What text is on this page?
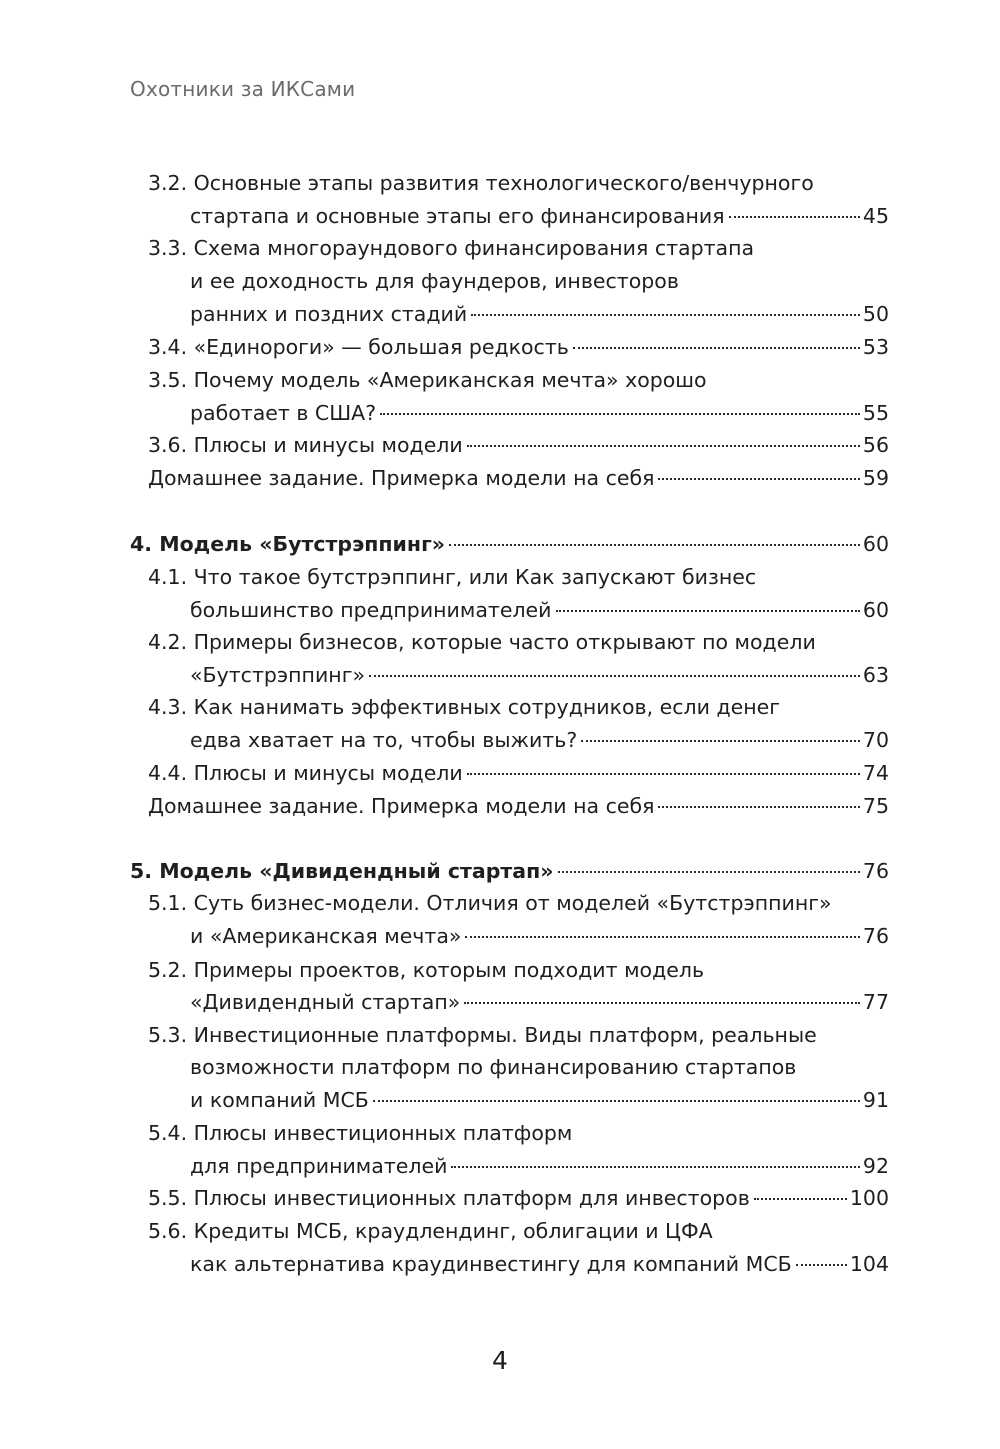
Охотники за ИКСами
3.2. Основные этапы развития технологического/венчурного
стартапа и основные этапы его финансирования	45
3.3. Схема многораундового финансирования стартапа
и ее доходность для фаундеров, инвесторов
ранних и поздних стадий	50
3.4. «Единороги» — большая редкость	53
3.5. Почему модель «Американская мечта» хорошо
работает в США?	55
3.6. Плюсы и минусы модели	56
Домашнее задание. Примерка модели на себя	59
4. Модель «Бутстрэппинг»	60
4.1. Что такое бутстрэппинг, или Как запускают бизнес
большинство предпринимателей	60
4.2. Примеры бизнесов, которые часто открывают по модели
«Бутстрэппинг»	63
4.3. Как нанимать эффективных сотрудников, если денег
едва хватает на то, чтобы выжить?	70
4.4. Плюсы и минусы модели	74
Домашнее задание. Примерка модели на себя	75
5. Модель «Дивидендный стартап»	76
5.1. Суть бизнес-модели. Отличия от моделей «Бутстрэппинг»
и «Американская мечта»	76
5.2. Примеры проектов, которым подходит модель
«Дивидендный стартап»	77
5.3. Инвестиционные платформы. Виды платформ, реальные
возможности платформ по финансированию стартапов
и компаний МСБ	91
5.4. Плюсы инвестиционных платформ
для предпринимателей	92
5.5. Плюсы инвестиционных платформ для инвесторов	100
5.6. Кредиты МСБ, краудлендинг, облигации и ЦФА
как альтернатива краудинвестингу для компаний МСБ	104
4
